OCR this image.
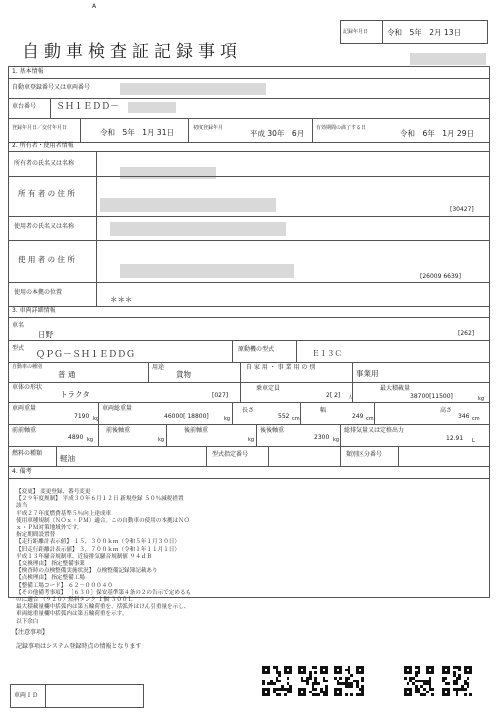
A
自動車検査証記録事項
記録年月日	令和　5年　2月 13日
1. 基本情報
自動車登録番号又は車両番号
車台番号 ＳＨ１ＥＤＤ－
登録年月日／交付年月日	令和　5年　1月 31日	初度登録年月
平成 30年　6月
有効期間の満了する日
令和　6年　1月 29日
2. 所有者・使用者情報
所有者の氏名又は名称
所 有 者 の 住 所
[30427]
使用者の氏名又は名称
使 用 者 の 住 所
[26009 6639]
使用の本拠の位置
＊＊＊
3. 車両詳細情報
車名
日野	[262]
型式
ＱＰＧ－ＳＨ１ＥＤＤＧ
原動機の型式	Ｅ１３Ｃ
自動車の種別
普 通
用途
貨物
自 家 用 ・ 事 業 用 の 別
事業用
車体の形状
トラクタ	[027]
乗車定員
2[ 2] 人
最大積載量
38700[11500]	kg
車両重量
7190 kg
車両総重量
46000[ 18800]	kg
長さ
552 cm
幅
249 cm
高さ
346 cm
前前軸重
4890 kg
前後軸重
kg
後前軸重
kg
後後軸重
2300 kg
総排気量又は定格出力
12.91 L
燃料の種類
軽油	型式指定番号	類別区分番号
4. 備考
【変更】 変更登録、番号変更
【２９年度规制】 平成３０年６月１２日 新規登録 ５０％減税措置
該当
平成２７年度燃費基準５％向上達成車
使用車種規制（ＮＯｘ・ＰＭ）適合。この自動車の使用の本拠はＮＯ
ｘ・ＰＭ対策地域外です。
指定期間設置替
【走行距離計表示値】 １５，３００ｋｍ（令和５年１月３０日）
【旧走行距離計表示値】 ３，７００ｋｍ（令和１年１１月１日）
平成１３年騒音規制車、近接排気騒音規制値 ９４ｄＢ
【交換理由】 指定整備事業
【検査時の点検整備実施状況】 点検整備記録簿記載あり
【点検理由】 指定整備工場
【整備工場コード】 ６２－０００４０
【その他備考事項】 ［６３０］保安基準第４条の２の告示で定めるも
のに適合 （９２０）燃料タンク １個 ３００Ｌ
最大積載量欄中括弧内は第五輪荷重を、括弧外はけん引重量を示し、
車両総重量欄中括弧内は第五輪荷重を示す。
以下余白
【注意事項】
記録事項はシステム登録時点の情報となります
車両ＩＤ
